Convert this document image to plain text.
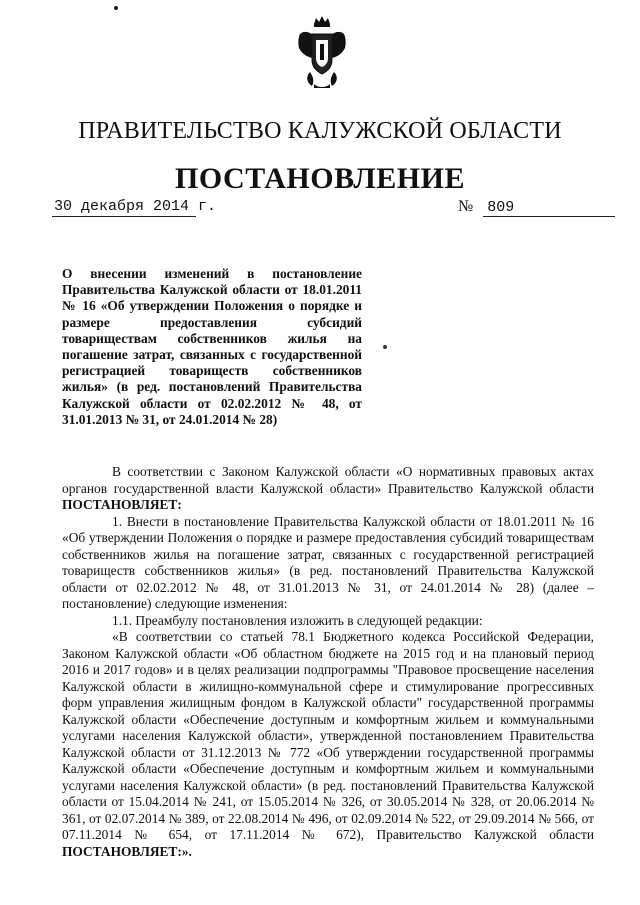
ПРАВИТЕЛЬСТВО КАЛУЖСКОЙ ОБЛАСТИ
ПОСТАНОВЛЕНИЕ
30 декабря 2014 г.	№ 809
О внесении изменений в постановление Правительства Калужской области от 18.01.2011 № 16 «Об утверждении Положения о порядке и размере предоставления субсидий товариществам собственников жилья на погашение затрат, связанных с государственной регистрацией товариществ собственников жилья» (в ред. постановлений Правительства Калужской области от 02.02.2012 № 48, от 31.01.2013 № 31, от 24.01.2014 № 28)

В соответствии с Законом Калужской области «О нормативных правовых актах органов государственной власти Калужской области» Правительство Калужской области ПОСТАНОВЛЯЕТ:

1. Внести в постановление Правительства Калужской области от 18.01.2011 № 16 «Об утверждении Положения о порядке и размере предоставления субсидий товариществам собственников жилья на погашение затрат, связанных с государственной регистрацией товариществ собственников жилья» (в ред. постановлений Правительства Калужской области от 02.02.2012 № 48, от 31.01.2013 № 31, от 24.01.2014 № 28) (далее – постановление) следующие изменения:

1.1. Преамбулу постановления изложить в следующей редакции:

«В соответствии со статьей 78.1 Бюджетного кодекса Российской Федерации, Законом Калужской области «Об областном бюджете на 2015 год и на плановый период 2016 и 2017 годов» и в целях реализации подпрограммы "Правовое просвещение населения Калужской области в жилищно-коммунальной сфере и стимулирование прогрессивных форм управления жилищным фондом в Калужской области" государственной программы Калужской области «Обеспечение доступным и комфортным жильем и коммунальными услугами населения Калужской области», утвержденной постановлением Правительства Калужской области от 31.12.2013 № 772 «Об утверждении государственной программы Калужской области «Обеспечение доступным и комфортным жильем и коммунальными услугами населения Калужской области» (в ред. постановлений Правительства Калужской области от 15.04.2014 № 241, от 15.05.2014 № 326, от 30.05.2014 № 328, от 20.06.2014 № 361, от 02.07.2014 № 389, от 22.08.2014 № 496, от 02.09.2014 № 522, от 29.09.2014 № 566, от 07.11.2014 № 654, от 17.11.2014 № 672), Правительство Калужской области ПОСТАНОВЛЯЕТ:».
